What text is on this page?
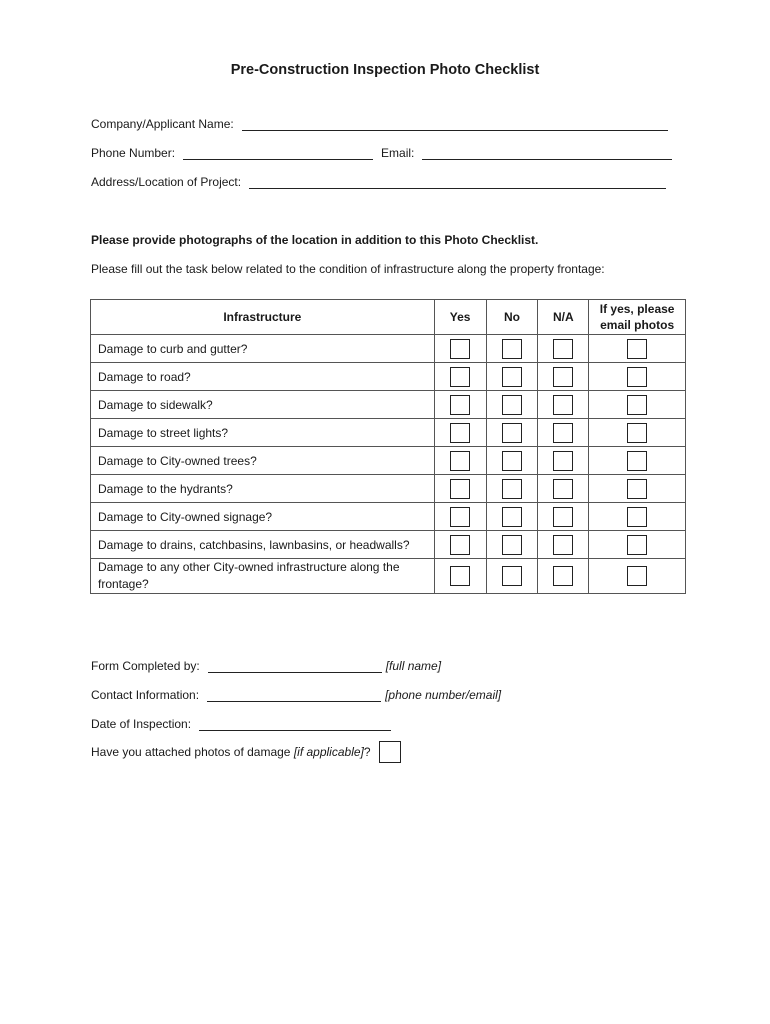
Pre-Construction Inspection Photo Checklist
Company/Applicant Name:
Phone Number:	Email:
Address/Location of Project:
Please provide photographs of the location in addition to this Photo Checklist.
Please fill out the task below related to the condition of infrastructure along the property frontage:
Infrastructure	Yes	No	N/A	If yes, please
email photos
Damage to curb and gutter?				
Damage to road?				
Damage to sidewalk?				
Damage to street lights?				
Damage to City-owned trees?				
Damage to the hydrants?				
Damage to City-owned signage?				
Damage to drains, catchbasins, lawnbasins, or headwalls?				
Damage to any other City-owned infrastructure along the frontage?				
Form Completed by:	[full name]
Contact Information:	[phone number/email]
Date of Inspection:
Have you attached photos of damage
[if applicable] ?
